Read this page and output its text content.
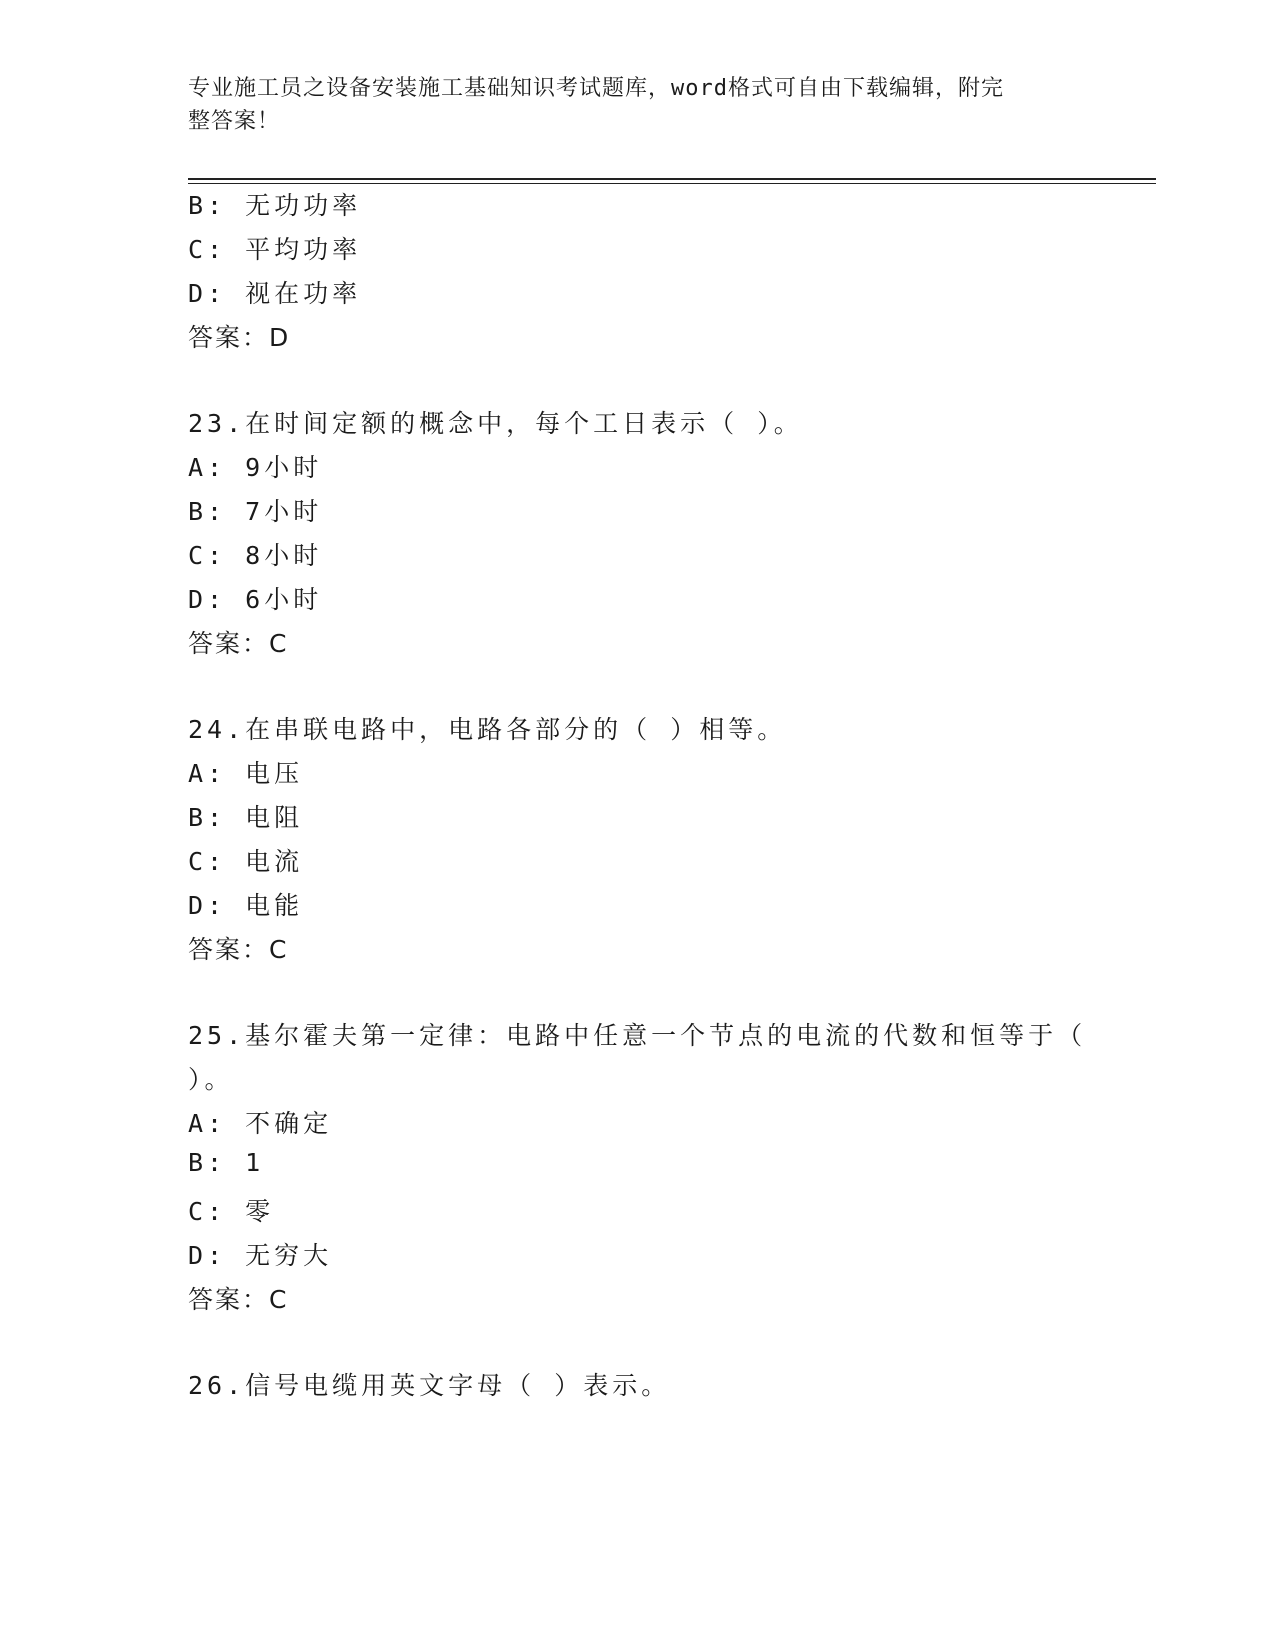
专业施工员之设备安装施工基础知识考试题库，word格式可自由下载编辑，附完
整答案！
B: 无功功率
C: 平均功率
D: 视在功率
答案：D
23.在时间定额的概念中，每个工日表示（ ）。
A: 9小时
B: 7小时
C: 8小时
D: 6小时
答案：C
24.在串联电路中，电路各部分的（ ）相等。
A: 电压
B: 电阻
C: 电流
D: 电能
答案：C
25.基尔霍夫第一定律：电路中任意一个节点的电流的代数和恒等于（
）。
A: 不确定
B: 1
C: 零
D: 无穷大
答案：C
26.信号电缆用英文字母（ ）表示。
